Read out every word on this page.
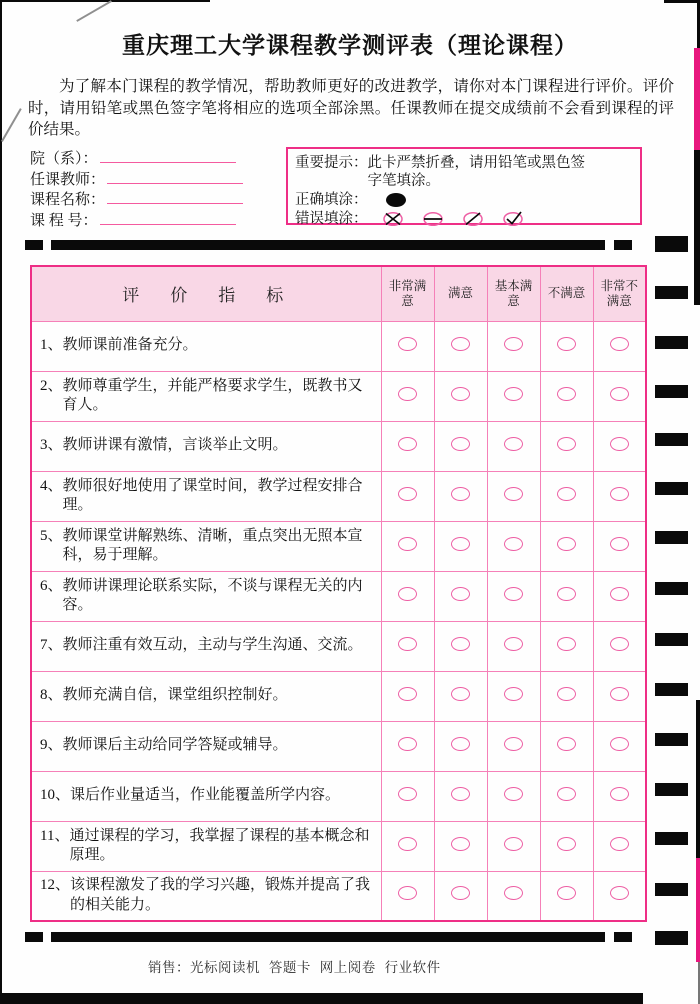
重庆理工大学课程教学测评表（理论课程）

为了解本门课程的教学情况，帮助教师更好的改进教学，请你对本门课程进行评价。评价时，请用铅笔或黑色签字笔将相应的选项全部涂黑。任课教师在提交成绩前不会看到课程的评价结果。

院（系）：
任课教师：
课程名称：
课 程 号：
重要提示： 此卡严禁折叠，请用铅笔或黑色签字笔填涂。
正确填涂：
错误填涂：
评　价　指　标	非常满意	满意	基本满意	不满意	非常不满意

1、 教师课前准备充分。					

2、 教师尊重学生，并能严格要求学生，既教书又育人。					

3、 教师讲课有激情，言谈举止文明。					

4、 教师很好地使用了课堂时间，教学过程安排合理。					

5、 教师课堂讲解熟练、清晰，重点突出无照本宣科，易于理解。					

6、 教师讲课理论联系实际，不谈与课程无关的内容。					

7、 教师注重有效互动，主动与学生沟通、交流。					

8、 教师充满自信，课堂组织控制好。					

9、 教师课后主动给同学答疑或辅导。					

10、 课后作业量适当，作业能覆盖所学内容。					

11、 通过课程的学习，我掌握了课程的基本概念和原理。					

12、 该课程激发了我的学习兴趣，锻炼并提高了我的相关能力。					

销售：光标阅读机 答题卡 网上阅卷 行业软件
